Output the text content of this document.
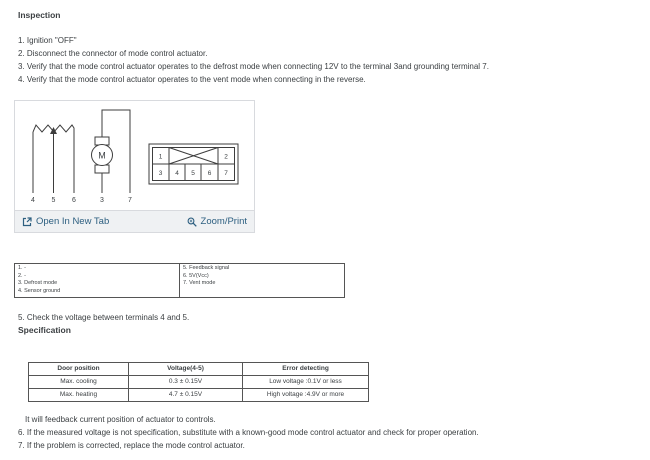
Inspection
1. Ignition "OFF"
2. Disconnect the connector of mode control actuator.
3. Verify that the mode control actuator operates to the defrost mode when connecting 12V to the terminal 3and grounding terminal 7.
4. Verify that the mode control actuator operates to the vent mode when connecting in the reverse.
4 5 6
M
3	7
1	2
3 4 5 6 7
Open In New Tab	Zoom/Print
1. -
2. -
3. Defrost mode
4. Sensor ground

5. Feedback signal
6. 5V(Vcc)
7. Vent mode
5. Check the voltage between terminals 4 and 5.
Specification
Door position	Voltage(4-5)	Error detecting
Max. cooling	0.3 ± 0.15V	Low voltage :0.1V or less
Max. heating	4.7 ± 0.15V	High voltage :4.9V or more
It will feedback current position of actuator to controls.
6. If the measured voltage is not specification, substitute with a known-good mode control actuator and check for proper operation.
7. If the problem is corrected, replace the mode control actuator.
